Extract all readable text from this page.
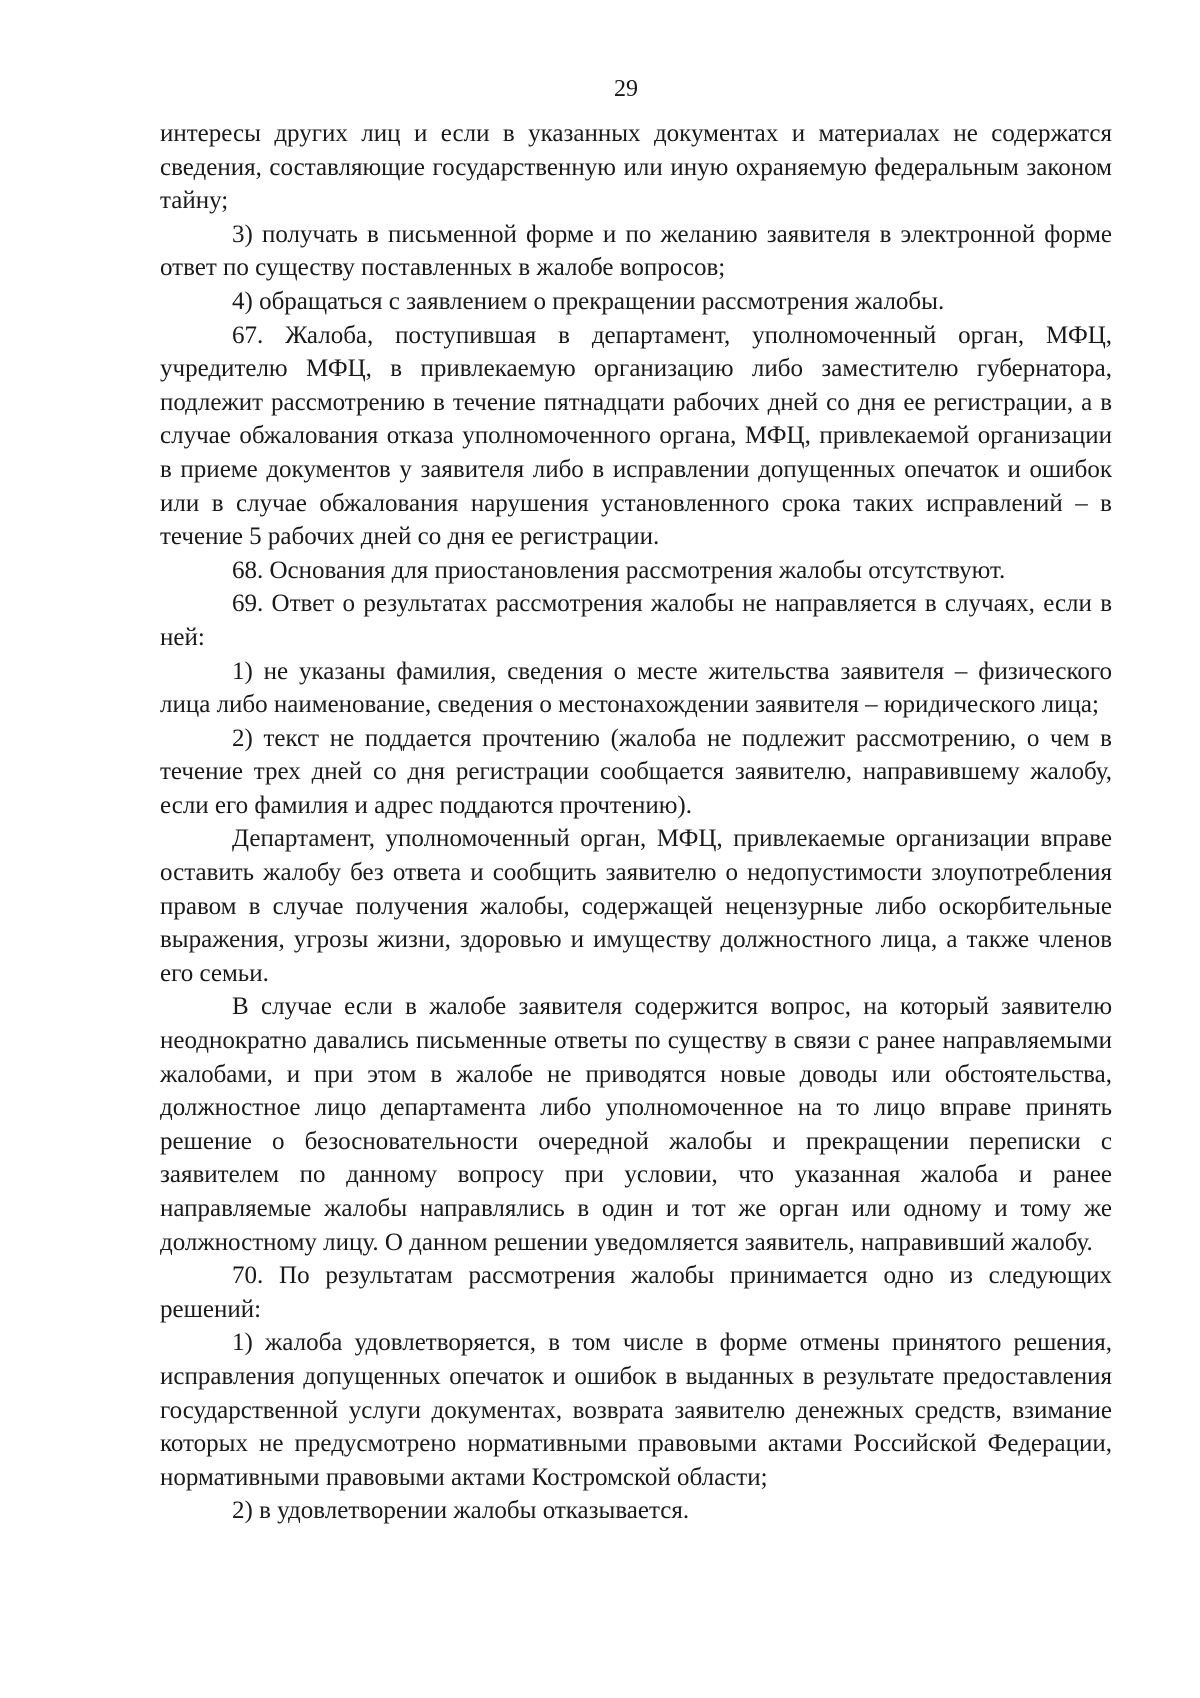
29

интересы других лиц и если в указанных документах и материалах не содержатся сведения, составляющие государственную или иную охраняемую федеральным законом тайну;

3) получать в письменной форме и по желанию заявителя в электронной форме ответ по существу поставленных в жалобе вопросов;

4) обращаться с заявлением о прекращении рассмотрения жалобы.

67. Жалоба, поступившая в департамент, уполномоченный орган, МФЦ, учредителю МФЦ, в привлекаемую организацию либо заместителю губернатора, подлежит рассмотрению в течение пятнадцати рабочих дней со дня ее регистрации, а в случае обжалования отказа уполномоченного органа, МФЦ, привлекаемой организации в приеме документов у заявителя либо в исправлении допущенных опечаток и ошибок или в случае обжалования нарушения установленного срока таких исправлений – в течение 5 рабочих дней со дня ее регистрации.

68. Основания для приостановления рассмотрения жалобы отсутствуют.

69. Ответ о результатах рассмотрения жалобы не направляется в случаях, если в ней:

1) не указаны фамилия, сведения о месте жительства заявителя – физического лица либо наименование, сведения о местонахождении заявителя – юридического лица;

2) текст не поддается прочтению (жалоба не подлежит рассмотрению, о чем в течение трех дней со дня регистрации сообщается заявителю, направившему жалобу, если его фамилия и адрес поддаются прочтению).

Департамент, уполномоченный орган, МФЦ, привлекаемые организации вправе оставить жалобу без ответа и сообщить заявителю о недопустимости злоупотребления правом в случае получения жалобы, содержащей нецензурные либо оскорбительные выражения, угрозы жизни, здоровью и имуществу должностного лица, а также членов его семьи.

В случае если в жалобе заявителя содержится вопрос, на который заявителю неоднократно давались письменные ответы по существу в связи с ранее направляемыми жалобами, и при этом в жалобе не приводятся новые доводы или обстоятельства, должностное лицо департамента либо уполномоченное на то лицо вправе принять решение о безосновательности очередной жалобы и прекращении переписки с заявителем по данному вопросу при условии, что указанная жалоба и ранее направляемые жалобы направлялись в один и тот же орган или одному и тому же должностному лицу. О данном решении уведомляется заявитель, направивший жалобу.

70. По результатам рассмотрения жалобы принимается одно из следующих решений:

1) жалоба удовлетворяется, в том числе в форме отмены принятого решения, исправления допущенных опечаток и ошибок в выданных в результате предоставления государственной услуги документах, возврата заявителю денежных средств, взимание которых не предусмотрено нормативными правовыми актами Российской Федерации, нормативными правовыми актами Костромской области;

2) в удовлетворении жалобы отказывается.
